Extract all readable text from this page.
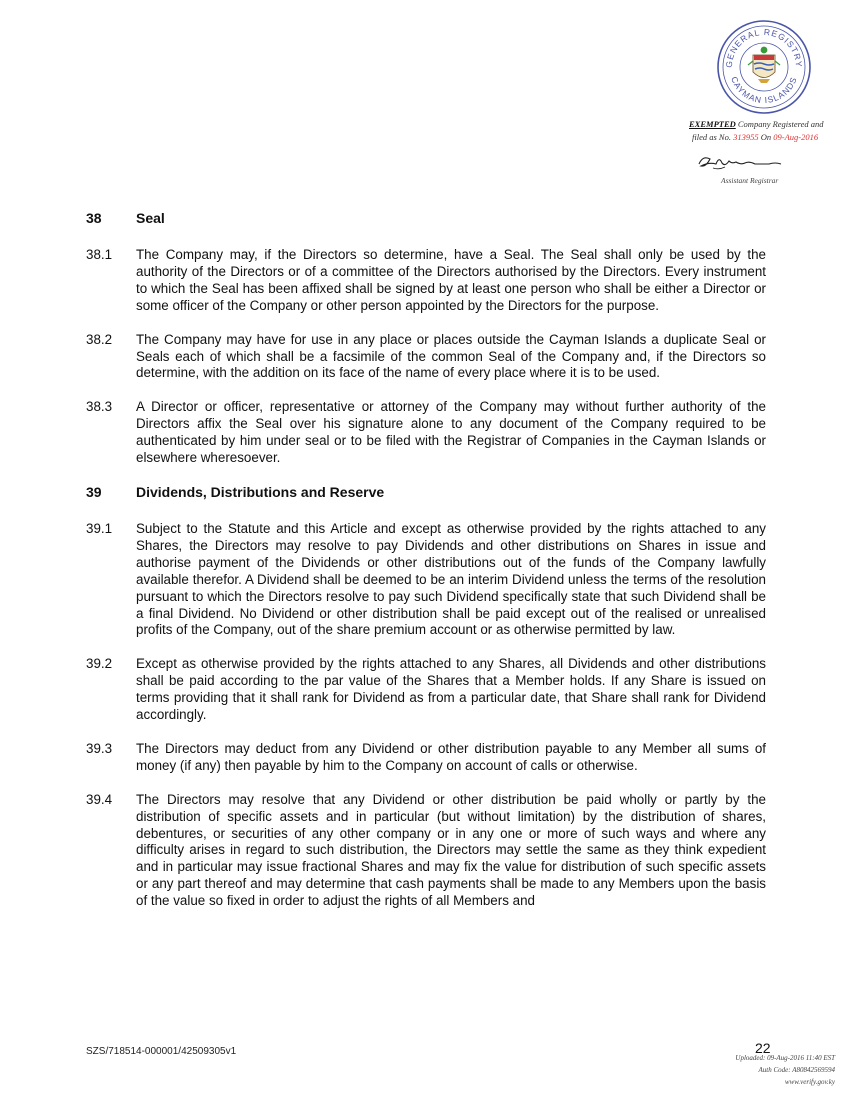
GENERAL REGISTRY
CAYMAN ISLANDS
EXEMPTED Company Registered and
filed as No. 313955 On 09-Aug-2016
Assistant Registrar
38	Seal
38.1	The Company may, if the Directors so determine, have a Seal. The Seal shall only be used by the authority of the Directors or of a committee of the Directors authorised by the Directors. Every instrument to which the Seal has been affixed shall be signed by at least one person who shall be either a Director or some officer of the Company or other person appointed by the Directors for the purpose.
38.2	The Company may have for use in any place or places outside the Cayman Islands a duplicate Seal or Seals each of which shall be a facsimile of the common Seal of the Company and, if the Directors so determine, with the addition on its face of the name of every place where it is to be used.
38.3	A Director or officer, representative or attorney of the Company may without further authority of the Directors affix the Seal over his signature alone to any document of the Company required to be authenticated by him under seal or to be filed with the Registrar of Companies in the Cayman Islands or elsewhere wheresoever.
39	Dividends, Distributions and Reserve
39.1	Subject to the Statute and this Article and except as otherwise provided by the rights attached to any Shares, the Directors may resolve to pay Dividends and other distributions on Shares in issue and authorise payment of the Dividends or other distributions out of the funds of the Company lawfully available therefor. A Dividend shall be deemed to be an interim Dividend unless the terms of the resolution pursuant to which the Directors resolve to pay such Dividend specifically state that such Dividend shall be a final Dividend. No Dividend or other distribution shall be paid except out of the realised or unrealised profits of the Company, out of the share premium account or as otherwise permitted by law.
39.2	Except as otherwise provided by the rights attached to any Shares, all Dividends and other distributions shall be paid according to the par value of the Shares that a Member holds. If any Share is issued on terms providing that it shall rank for Dividend as from a particular date, that Share shall rank for Dividend accordingly.
39.3	The Directors may deduct from any Dividend or other distribution payable to any Member all sums of money (if any) then payable by him to the Company on account of calls or otherwise.
39.4	The Directors may resolve that any Dividend or other distribution be paid wholly or partly by the distribution of specific assets and in particular (but without limitation) by the distribution of shares, debentures, or securities of any other company or in any one or more of such ways and where any difficulty arises in regard to such distribution, the Directors may settle the same as they think expedient and in particular may issue fractional Shares and may fix the value for distribution of such specific assets or any part thereof and may determine that cash payments shall be made to any Members upon the basis of the value so fixed in order to adjust the rights of all Members and
SZS/718514-000001/42509305v1	22
Uploaded: 09-Aug-2016 11:40 EST
Auth Code: A80842569594
www.verify.gov.ky
